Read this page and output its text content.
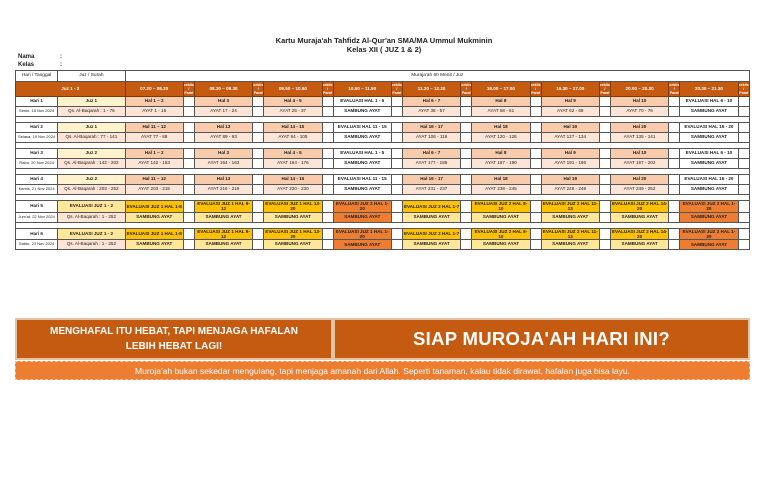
Kartu Muraja'ah Tahfidz Al-Qur'an SMA/MA Ummul Mukminin
Kelas XII ( JUZ 1 & 2)
Nama	:
Kelas	:
Hari / Tanggal	Juz / Surah	Muraja'ah 60 Menit / Juz																	
Juz 1 - 2		07.20 – 08.20	ceklis / Paraf	08.30 – 09.30	ceklis / Paraf	09.50 – 10.50	ceklis / Paraf	10.50 – 11.50	ceklis / Paraf	11.20 – 12.20	ceklis / Paraf	16.00 – 17.00	ceklis / Paraf	16.30 – 17.00	ceklis / Paraf	20.00 – 20.30	ceklis / Paraf	20.30 – 21.30	ceklis / Paraf
Hari 1	Juz 1	Hal 1 – 2		Hal 3		Hal 4 - 5		EVALUASI HAL 1 - 5		Hal 6 - 7		Hal 8		Hal 9		Hal 10		EVALUASI HAL 6 - 10	
Senin, 18 Nov 2024	Qs. Al-Baqarah : 1 - 76	AYAT 1 - 16		AYAT 17 - 24		AYAT 25 - 37		SAMBUNG AYAT		AYAT 38 - 57		AYAT 58 - 61		AYAT 62 - 69		AYAT 70 - 76		SAMBUNG AYAT	

Hari 2	Juz 1	Hal 11 – 12		Hal 13		Hal 14 - 15		EVALUASI HAL 11 - 15		Hal 16 - 17		Hal 18		Hal 19		Hal 20		EVALUASI HAL 16 - 20	
Selasa, 19 Nov 2024	Qs. Al-Baqarah : 77 - 141	AYAT 77 - 88		AYAT 89 - 93		AYAT 94 - 105		SAMBUNG AYAT		AYAT 106 - 119		AYAT 120 - 126		AYAT 127 - 134		AYAT 135 - 141		SAMBUNG AYAT	

Hari 3	Juz 2	Hal 1 – 2		Hal 3		Hal 4 - 5		EVALUASI HAL 1 - 5		Hal 6 - 7		Hal 8		Hal 9		Hal 10		EVALUASI HAL 6 - 10	
Rabu, 20 Nov 2024	Qs. Al-Baqarah : 142 - 202	AYAT 142 - 153		AYAT 154 - 163		AYAT 164 - 176		SAMBUNG AYAT		AYAT 177 - 186		AYAT 187 - 190		AYAT 191 - 196		AYAT 197 - 202		SAMBUNG AYAT	

Hari 4	Juz 2	Hal 11 – 12		Hal 13		Hal 14 - 15		EVALUASI HAL 11 - 15		Hal 16 - 17		Hal 18		Hal 19		Hal 20		EVALUASI HAL 16 - 20	
Kamis, 21 Nov 2024	Qs. Al-Baqarah : 203 - 252	AYAT 203 - 215		AYAT 216 - 219		AYAT 220 - 230		SAMBUNG AYAT		AYAT 231 - 237		AYAT 238 - 245		AYAT 246 - 248		AYAT 249 - 252		SAMBUNG AYAT	

Hari 5	EVALUASI JUZ 1 - 2	EVALUASI JUZ 1 HAL 1-8		EVALUASI JUZ 1 HAL 9-12		EVALUASI JUZ 1 HAL 13-20		EVALUASI JUZ 2 HAL 1-20		EVALUASI JUZ 2 HAL 1-7		EVALUASI JUZ 2 HAL 8-10		EVALUASI JUZ 2 HAL 11-13		EVALUASI JUZ 2 HAL 14-20		EVALUASI JUZ 2 HAL 1-20	
Jum'at, 22 Nov 2024	Qs. Al-Baqarah : 1 - 252	SAMBUNG AYAT		SAMBUNG AYAT		SAMBUNG AYAT		SAMBUNG AYAT		SAMBUNG AYAT		SAMBUNG AYAT		SAMBUNG AYAT		SAMBUNG AYAT		SAMBUNG AYAT	

Hari 6	EVALUASI JUZ 1 - 2	EVALUASI JUZ 1 HAL 1-8		EVALUASI JUZ 1 HAL 9-12		EVALUASI JUZ 1 HAL 13-20		EVALUASI JUZ 1 HAL 1-20		EVALUASI JUZ 2 HAL 1-7		EVALUASI JUZ 2 HAL 8-10		EVALUASI JUZ 2 HAL 11-13		EVALUASI JUZ 2 HAL 14-20		EVALUASI JUZ 2 HAL 1-20	
Sabtu, 23 Nov 2024	Qs. Al-Baqarah : 1 - 252	SAMBUNG AYAT		SAMBUNG AYAT		SAMBUNG AYAT		SAMBUNG AYAT		SAMBUNG AYAT		SAMBUNG AYAT		SAMBUNG AYAT		SAMBUNG AYAT		SAMBUNG AYAT	
MENGHAFAL ITU HEBAT, TAPI MENJAGA HAFALAN
LEBIH HEBAT LAGI!	SIAP MUROJA'AH HARI INI?
Muroja'ah bukan sekedar mengulang, tapi menjaga amanah dari Allah. Seperti tanaman, kalau tidak dirawat, hafalan juga bisa layu.
